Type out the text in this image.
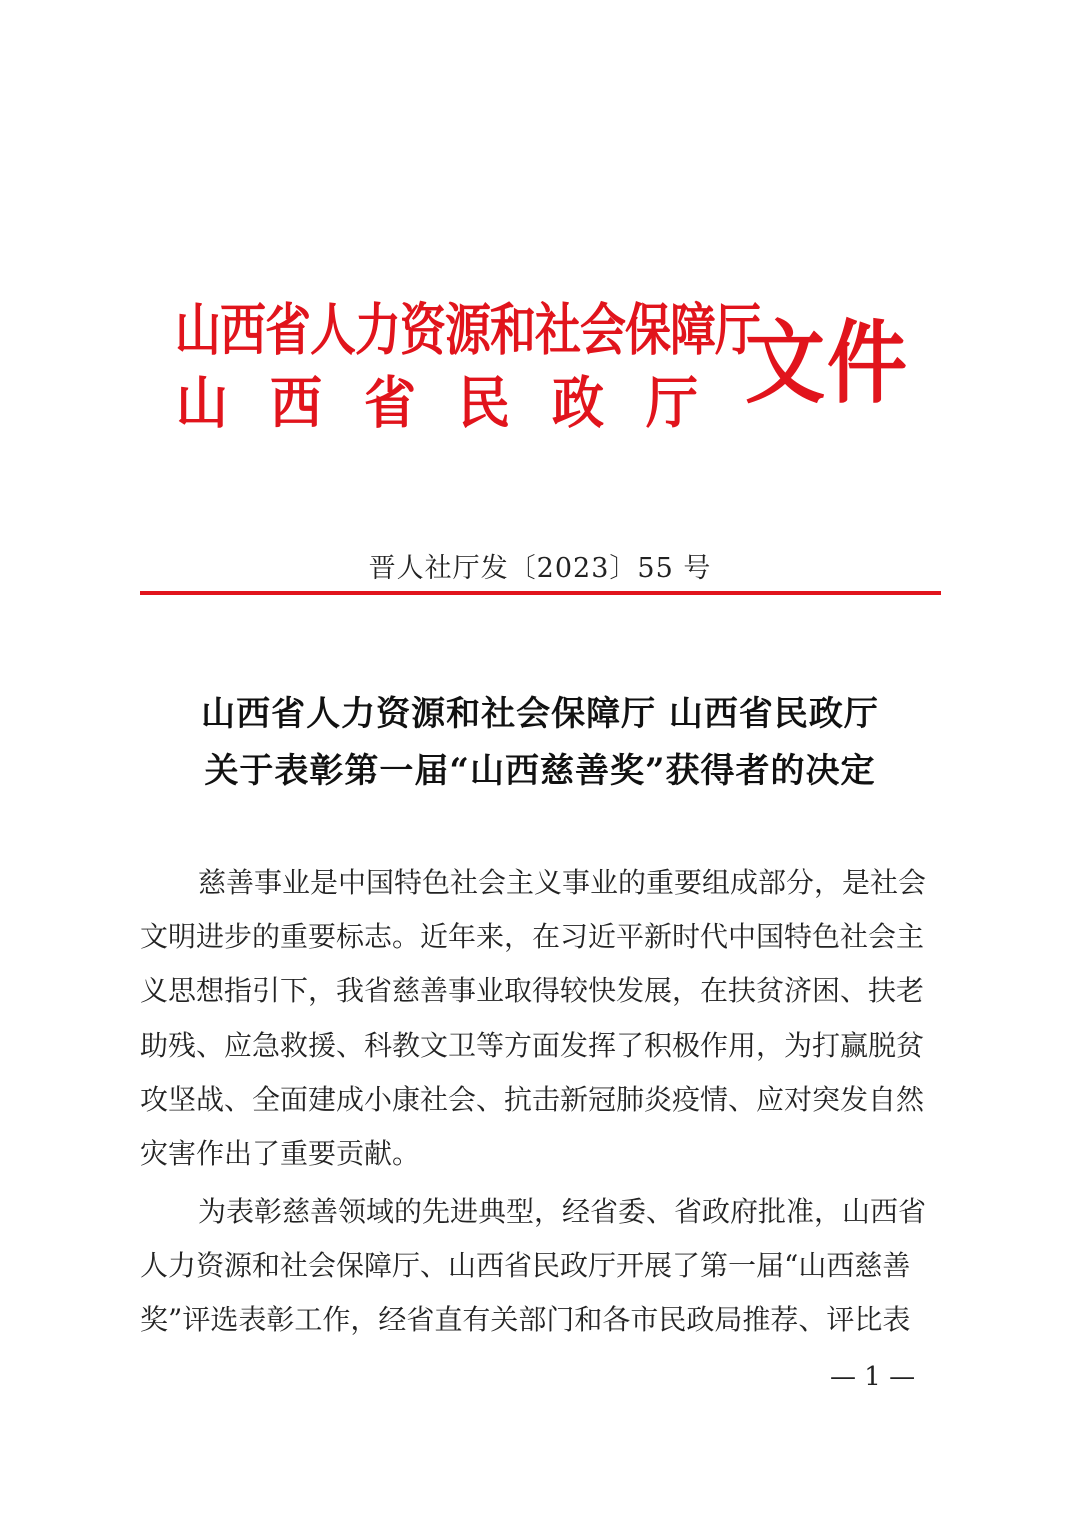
山西省人力资源和社会保障厅
山西省民政厅 文件
晋人社厅发〔2023〕55 号
山西省人力资源和社会保障厅 山西省民政厅
关于表彰第一届“山西慈善奖”获得者的决定
慈善事业是中国特色社会主义事业的重要组成部分，是社会
文明进步的重要标志。近年来，在习近平新时代中国特色社会主
义思想指引下，我省慈善事业取得较快发展，在扶贫济困、扶老
助残、应急救援、科教文卫等方面发挥了积极作用，为打赢脱贫
攻坚战、全面建成小康社会、抗击新冠肺炎疫情、应对突发自然
灾害作出了重要贡献。
为表彰慈善领域的先进典型，经省委、省政府批准，山西省
人力资源和社会保障厅、山西省民政厅开展了第一届“山西慈善
奖”评选表彰工作，经省直有关部门和各市民政局推荐、评比表
— 1 —
